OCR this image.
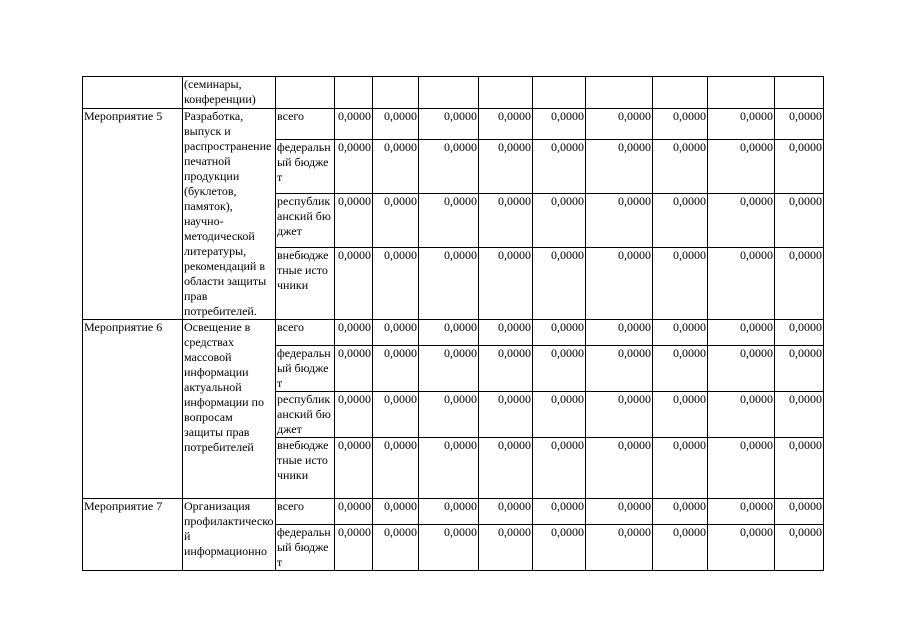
	(семинары, конференции)										
Мероприятие 5	Разработка, выпуск и распространение печатной продукции (буклетов, памяток), научно-методической литературы, рекомендаций в области защиты прав потребителей.	всего	0,0000	0,0000	0,0000	0,0000	0,0000	0,0000	0,0000	0,0000	0,0000
		федеральный бюджет	0,0000	0,0000	0,0000	0,0000	0,0000	0,0000	0,0000	0,0000	0,0000
		республиканский бюджет	0,0000	0,0000	0,0000	0,0000	0,0000	0,0000	0,0000	0,0000	0,0000
		внебюджетные источники	0,0000	0,0000	0,0000	0,0000	0,0000	0,0000	0,0000	0,0000	0,0000
Мероприятие 6	Освещение в средствах массовой информации актуальной информации по вопросам защиты прав потребителей	всего	0,0000	0,0000	0,0000	0,0000	0,0000	0,0000	0,0000	0,0000	0,0000
		федеральный бюджет	0,0000	0,0000	0,0000	0,0000	0,0000	0,0000	0,0000	0,0000	0,0000
		республиканский бюджет	0,0000	0,0000	0,0000	0,0000	0,0000	0,0000	0,0000	0,0000	0,0000
		внебюджетные источники	0,0000	0,0000	0,0000	0,0000	0,0000	0,0000	0,0000	0,0000	0,0000
Мероприятие 7	Организация профилактической информационно	всего	0,0000	0,0000	0,0000	0,0000	0,0000	0,0000	0,0000	0,0000	0,0000
		федеральный бюджет	0,0000	0,0000	0,0000	0,0000	0,0000	0,0000	0,0000	0,0000	0,0000
